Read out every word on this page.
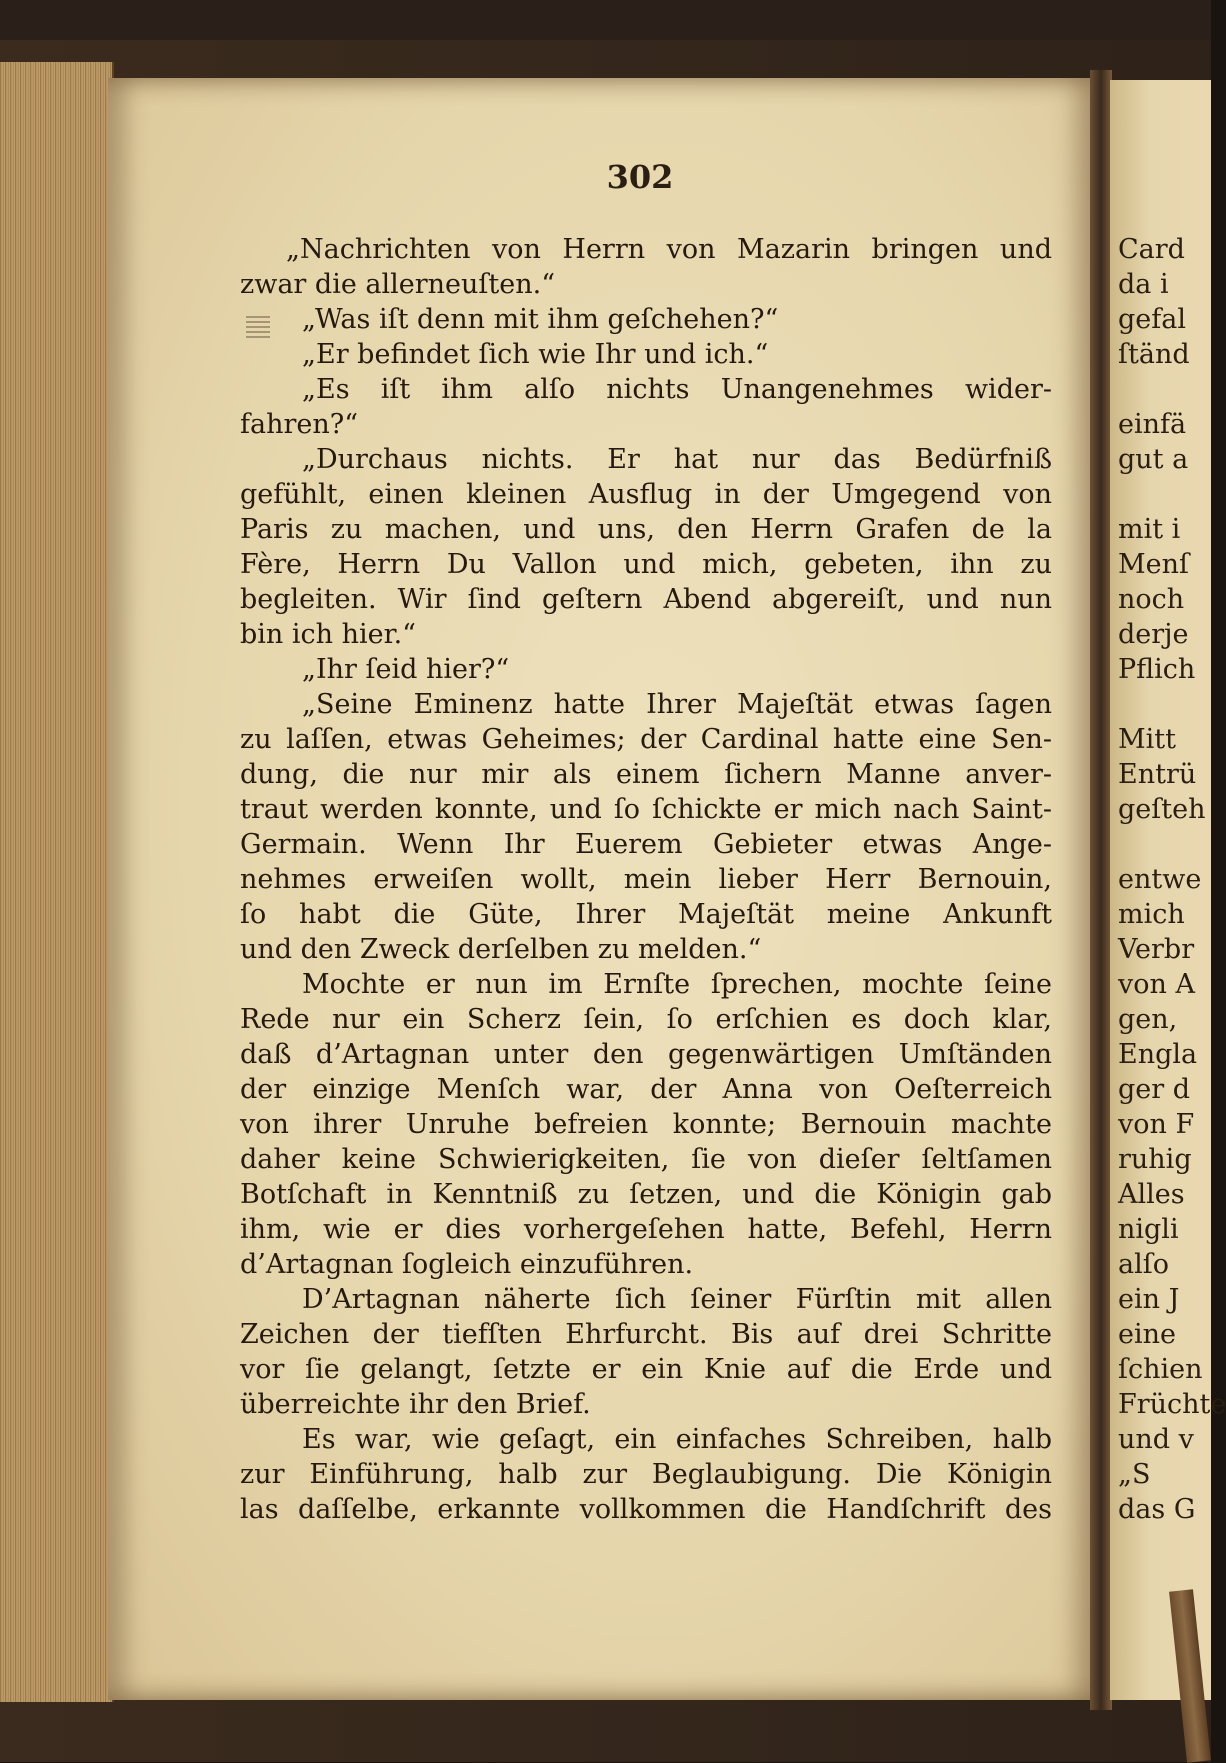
302
„Nachrichten von Herrn von Mazarin bringen und
zwar die allerneuſten.“
„Was iſt denn mit ihm geſchehen?“
„Er befindet ſich wie Ihr und ich.“
„Es iſt ihm alſo nichts Unangenehmes wider-
fahren?“
„Durchaus nichts. Er hat nur das Bedürfniß
gefühlt, einen kleinen Ausflug in der Umgegend von
Paris zu machen, und uns, den Herrn Grafen de la
Fère, Herrn Du Vallon und mich, gebeten, ihn zu
begleiten. Wir ſind geſtern Abend abgereiſt, und nun
bin ich hier.“
„Ihr ſeid hier?“
„Seine Eminenz hatte Ihrer Majeſtät etwas ſagen
zu laſſen, etwas Geheimes; der Cardinal hatte eine Sen-
dung, die nur mir als einem ſichern Manne anver-
traut werden konnte, und ſo ſchickte er mich nach Saint-
Germain. Wenn Ihr Euerem Gebieter etwas Ange-
nehmes erweiſen wollt, mein lieber Herr Bernouin,
ſo habt die Güte, Ihrer Majeſtät meine Ankunft
und den Zweck derſelben zu melden.“
Mochte er nun im Ernſte ſprechen, mochte ſeine
Rede nur ein Scherz ſein, ſo erſchien es doch klar,
daß d’Artagnan unter den gegenwärtigen Umſtänden
der einzige Menſch war, der Anna von Oeſterreich
von ihrer Unruhe befreien konnte; Bernouin machte
daher keine Schwierigkeiten, ſie von dieſer ſeltſamen
Botſchaft in Kenntniß zu ſetzen, und die Königin gab
ihm, wie er dies vorhergeſehen hatte, Befehl, Herrn
d’Artagnan ſogleich einzuführen.
D’Artagnan näherte ſich ſeiner Fürſtin mit allen
Zeichen der tiefſten Ehrfurcht. Bis auf drei Schritte
vor ſie gelangt, ſetzte er ein Knie auf die Erde und
überreichte ihr den Brief.
Es war, wie geſagt, ein einfaches Schreiben, halb
zur Einführung, halb zur Beglaubigung. Die Königin
las daſſelbe, erkannte vollkommen die Handſchrift des
Card
da i
gefal
ſtänd
einfä
gut a
mit i
Menſ
noch
derje
Pflich
Mitt
Entrü
geſteh
entwe
mich
Verbr
von A
gen,
Engla
ger d
von F
ruhig
Alles
nigli
alſo
ein J
eine
ſchien
Früchte
und v
„S
das G
